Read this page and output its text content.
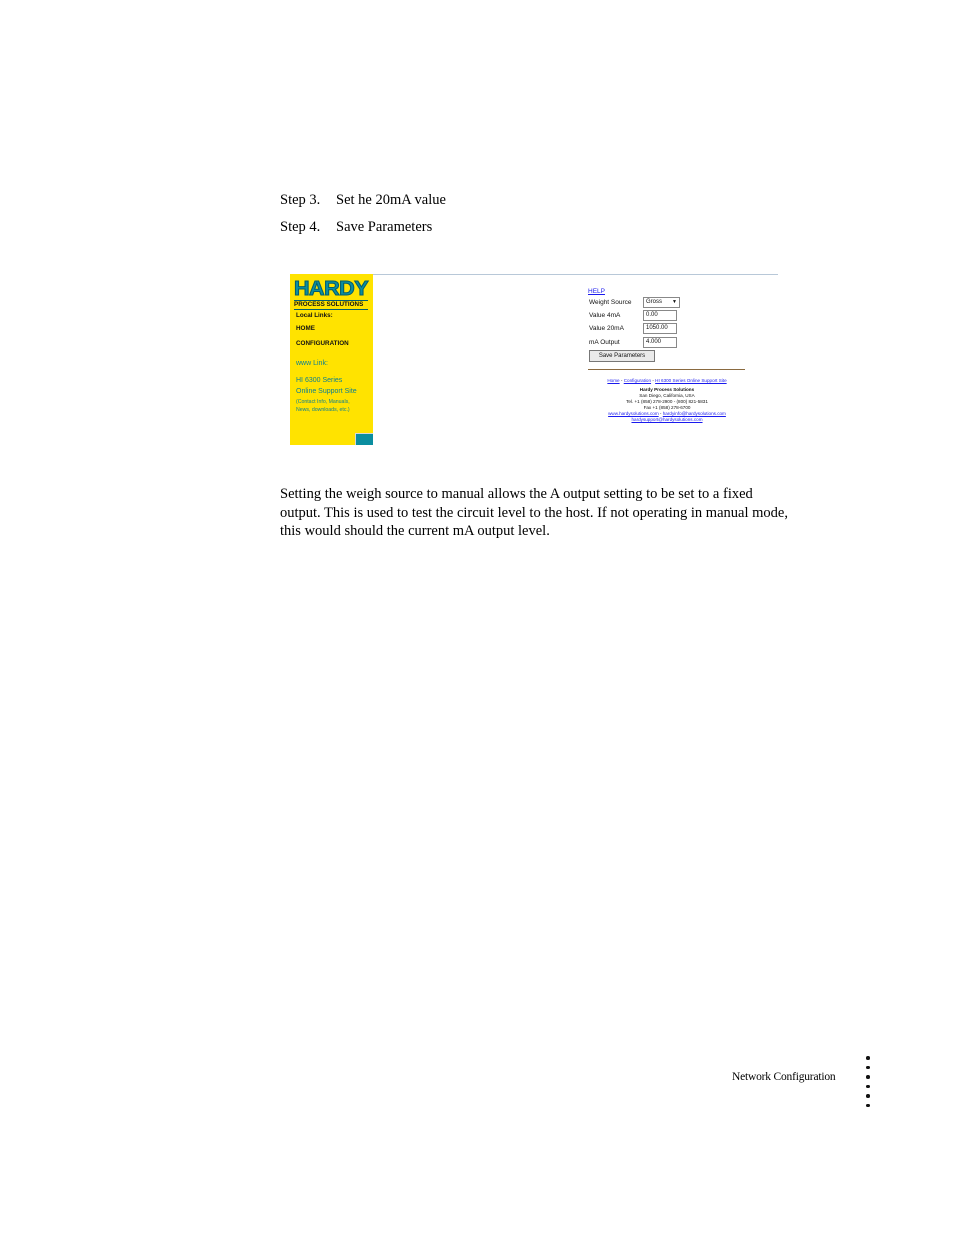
Step 3. Set he 20mA value
Step 4. Save Parameters
HARDY
PROCESS SOLUTIONS
Local Links:
HOME
CONFIGURATION
www Link:
HI 6300 Series
Online Support Site
(Contact Info, Manuals,
News, downloads, etc.)
HELP
Weight Source	Gross ▼
Value 4mA	0.00
Value 20mA	1050.00
mA Output	4.000
Save Parameters
Home - Configuration - HI 6300 Series Online Support Site
Hardy Process Solutions
San Diego, California, USA
Tel. +1 (858) 278-2900 - (800) 821-5831
Fax +1 (858) 278-6700
www.hardysolutions.com - hardyinfo@hardysolutions.com
hardysupport@hardysolutions.com

Setting the weigh source to manual allows the A output setting to be set to a fixed

output. This is used to test the circuit level to the host. If not operating in manual mode,

this would should the current mA output level.

Network Configuration
